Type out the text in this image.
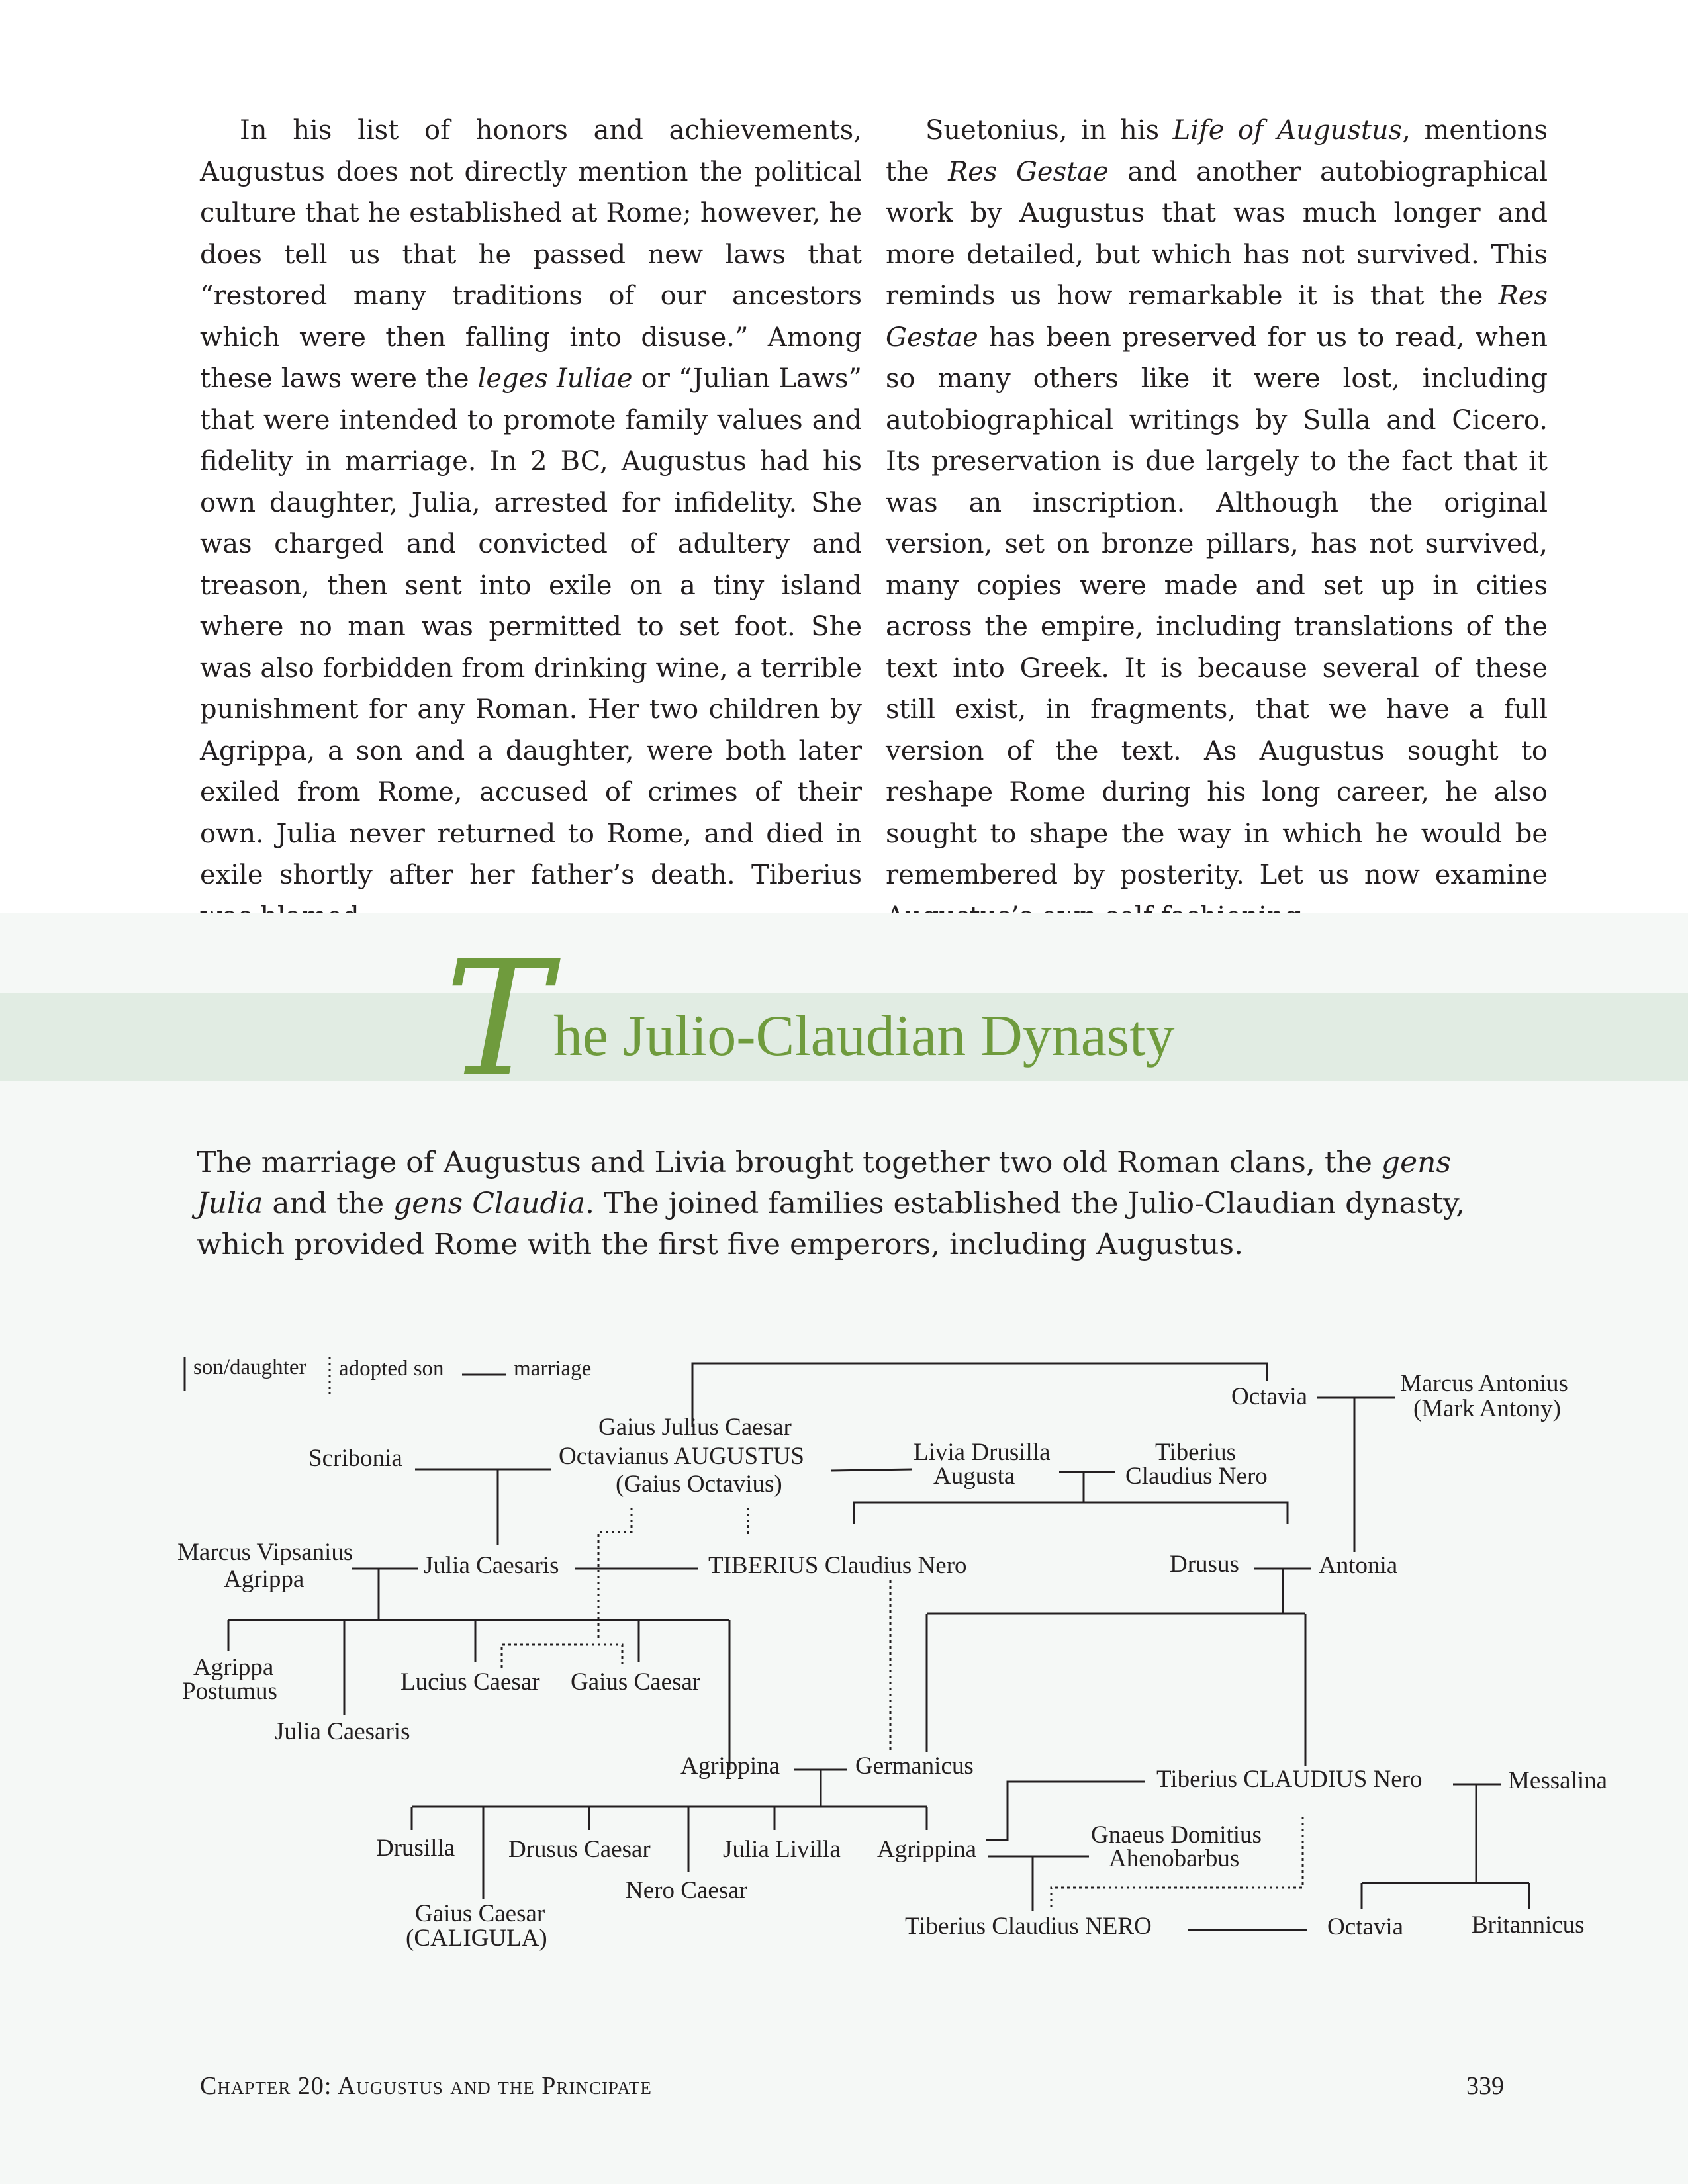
In his list of honors and achievements, Augustus does not directly mention the political culture that he established at Rome; however, he does tell us that he passed new laws that “restored many traditions of our ancestors which were then falling into disuse.” Among these laws were the leges Iuliae or “Julian Laws” that were intended to promote family values and fidelity in marriage. In 2 BC, Augustus had his own daughter, Julia, arrested for infidelity. She was charged and convicted of adultery and treason, then sent into exile on a tiny island where no man was permitted to set foot. She was also forbidden from drinking wine, a terrible punishment for any Roman. Her two children by Agrippa, a son and a daughter, were both later exiled from Rome, accused of crimes of their own. Julia never returned to Rome, and died in exile shortly after her father’s death. Tiberius

Suetonius, in his Life of Augustus, mentions the Res Gestae and another autobiographical work by Augustus that was much longer and more detailed, but which has not survived. This reminds us how remarkable it is that the Res Gestae has been preserved for us to read, when so many others like it were lost, including autobiographical writings by Sulla and Cicero. Its preservation is due largely to the fact that it was an inscription. Although the original version, set on bronze pillars, has not survived, many copies were made and set up in cities across the empire, including translations of the text into Greek. It is because several of these still exist, in fragments, that we have a full version of the text. As Augustus sought to reshape Rome during his long career, he also sought to shape the way in which he would be remembered by posterity. Let us now examine

T he Julio-Claudian Dynasty

The marriage of Augustus and Livia brought together two old Roman clans, the gens Julia and the gens Claudia. The joined families established the Julio-Claudian dynasty, which provided Rome with the first five emperors, including Augustus.

son/daughter adopted son	marriage
Octavia	Marcus Antonius
(Mark Antony)
Gaius Julius Caesar
Octavianus AUGUSTUS
(Gaius Octavius)
Scribonia	Livia Drusilla
Augusta
Tiberius
Claudius Nero
Marcus Vipsanius
Agrippa
Julia Caesaris	TIBERIUS Claudius Nero	Drusus	Antonia
Agrippa
Postumus	Lucius Caesar Gaius Caesar
Julia Caesaris
Agrippina	Germanicus	Tiberius CLAUDIUS Nero	Messalina
Drusilla Drusus Caesar	Julia Livilla Agrippina
Gnaeus Domitius
Ahenobarbus
Nero Caesar
Gaius Caesar
(CALIGULA)	Tiberius Claudius NERO	Octavia	Britannicus
Chapter 20: Augustus and the Principate	339
